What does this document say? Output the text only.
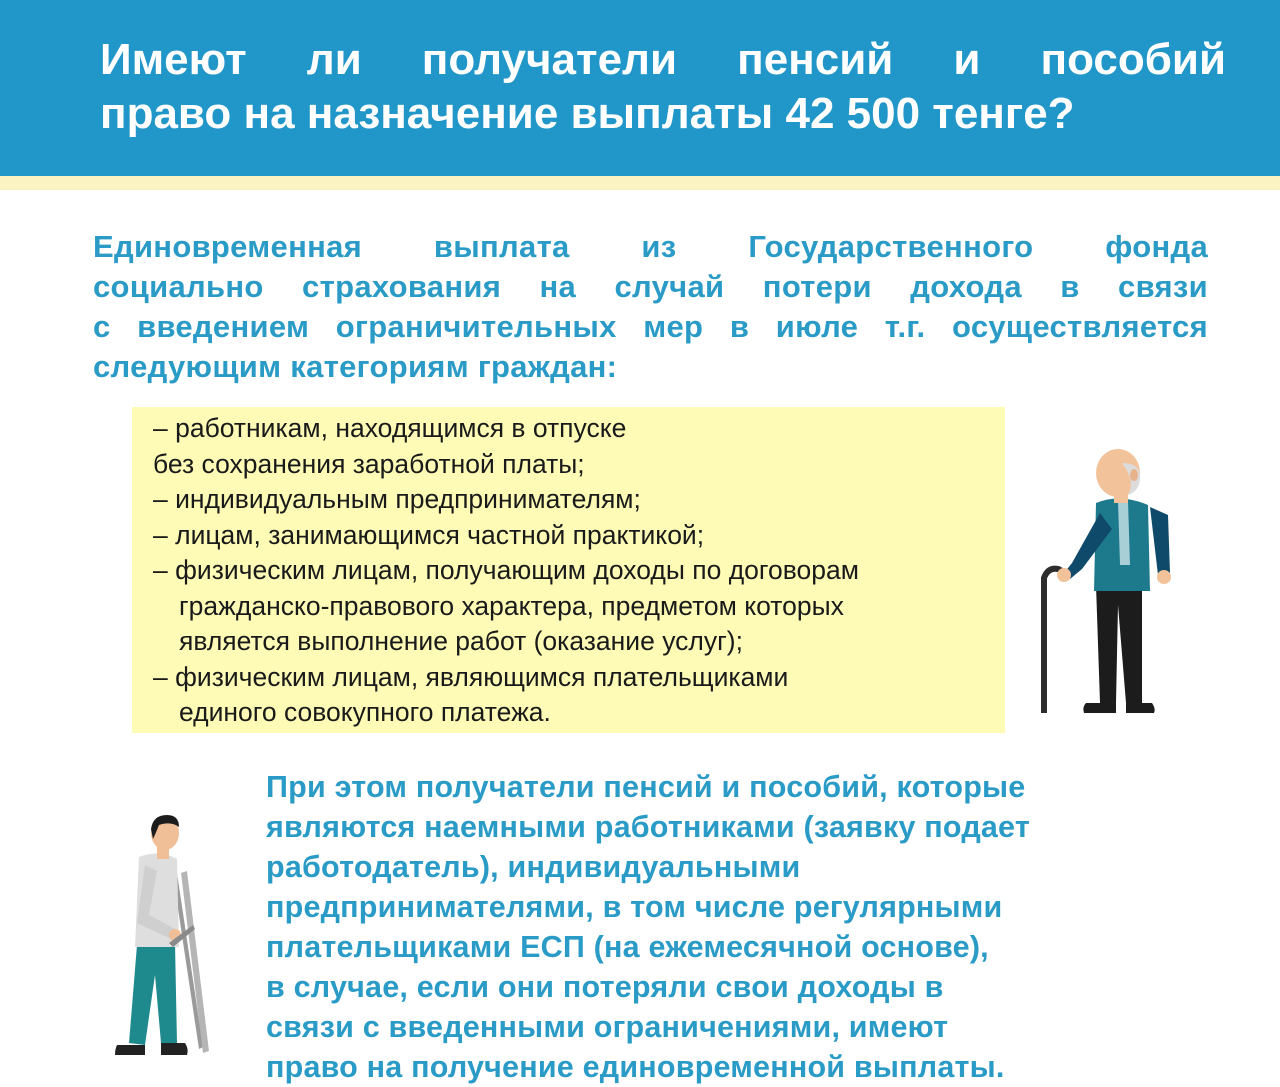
Имеют ли получатели пенсий и пособий
право на назначение выплаты 42 500 тенге?
Единовременная выплата из Государственного фонда
социально страхования на случай потери дохода в связи
с введением ограничительных мер в июле т.г. осуществляется
следующим категориям граждан:
– работникам, находящимся в отпуске
без сохранения заработной платы;
– индивидуальным предпринимателям;
– лицам, занимающимся частной практикой;
– физическим лицам, получающим доходы по договорам
гражданско-правового характера, предметом которых
является выполнение работ (оказание услуг);
– физическим лицам, являющимся плательщиками
единого совокупного платежа.
При этом получатели пенсий и пособий, которые
являются наемными работниками (заявку подает
работодатель), индивидуальными
предпринимателями, в том числе регулярными
плательщиками ЕСП (на ежемесячной основе),
в случае, если они потеряли свои доходы в
связи с введенными ограничениями, имеют
право на получение единовременной выплаты.
